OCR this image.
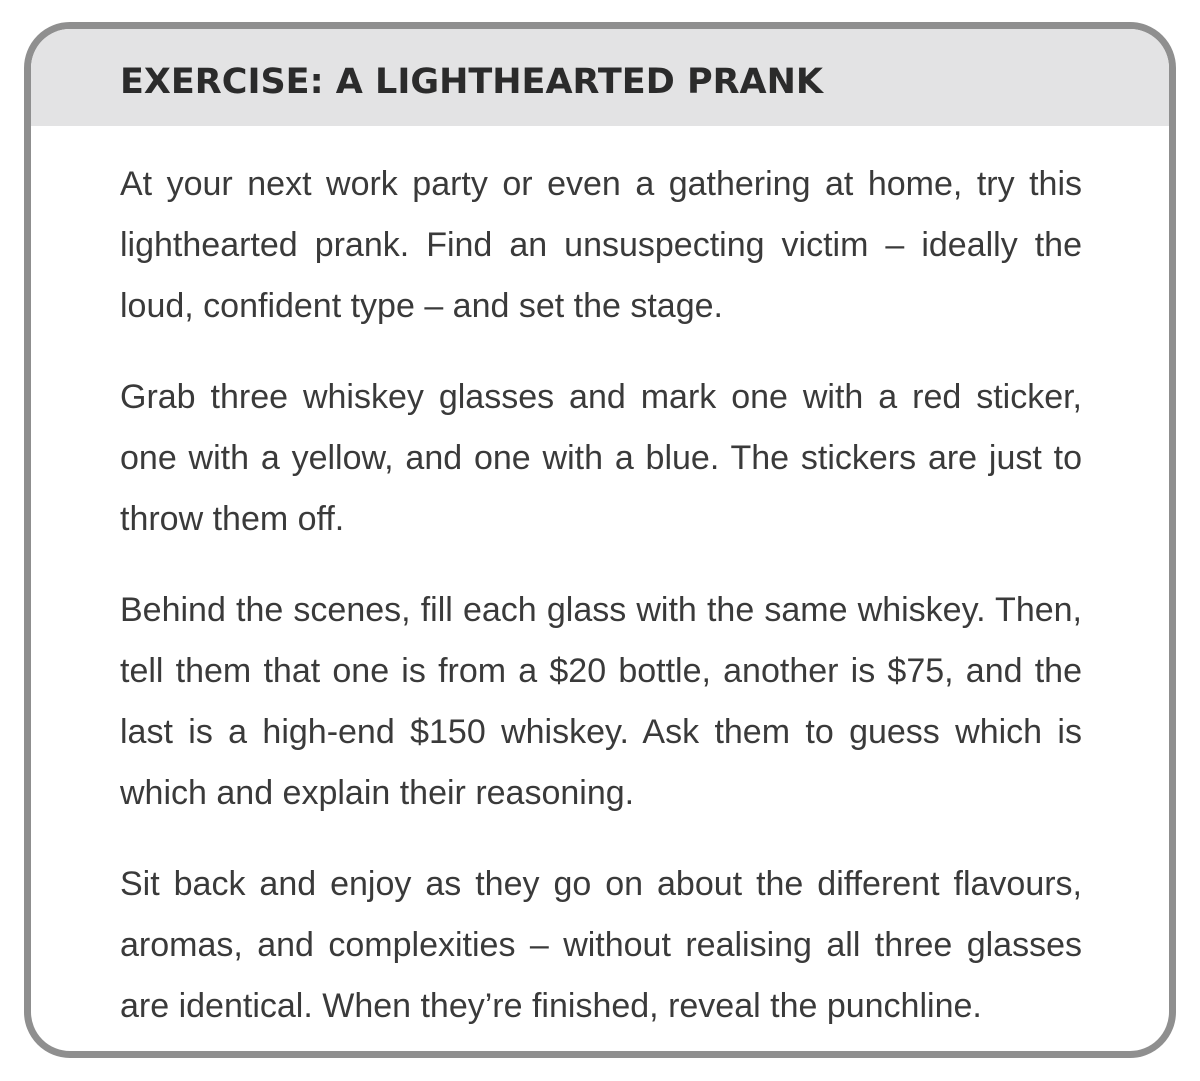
EXERCISE: A LIGHTHEARTED PRANK

At your next work party or even a gathering at home, try this lighthearted prank. Find an unsuspecting victim – ideally the loud, confident type – and set the stage.

Grab three whiskey glasses and mark one with a red sticker, one with a yellow, and one with a blue. The stickers are just to throw them off.

Behind the scenes, fill each glass with the same whiskey. Then, tell them that one is from a $20 bottle, another is $75, and the last is a high-end $150 whiskey. Ask them to guess which is which and explain their reasoning.

Sit back and enjoy as they go on about the different flavours, aromas, and complexities – without realising all three glasses are identical. When they’re finished, reveal the punchline.
